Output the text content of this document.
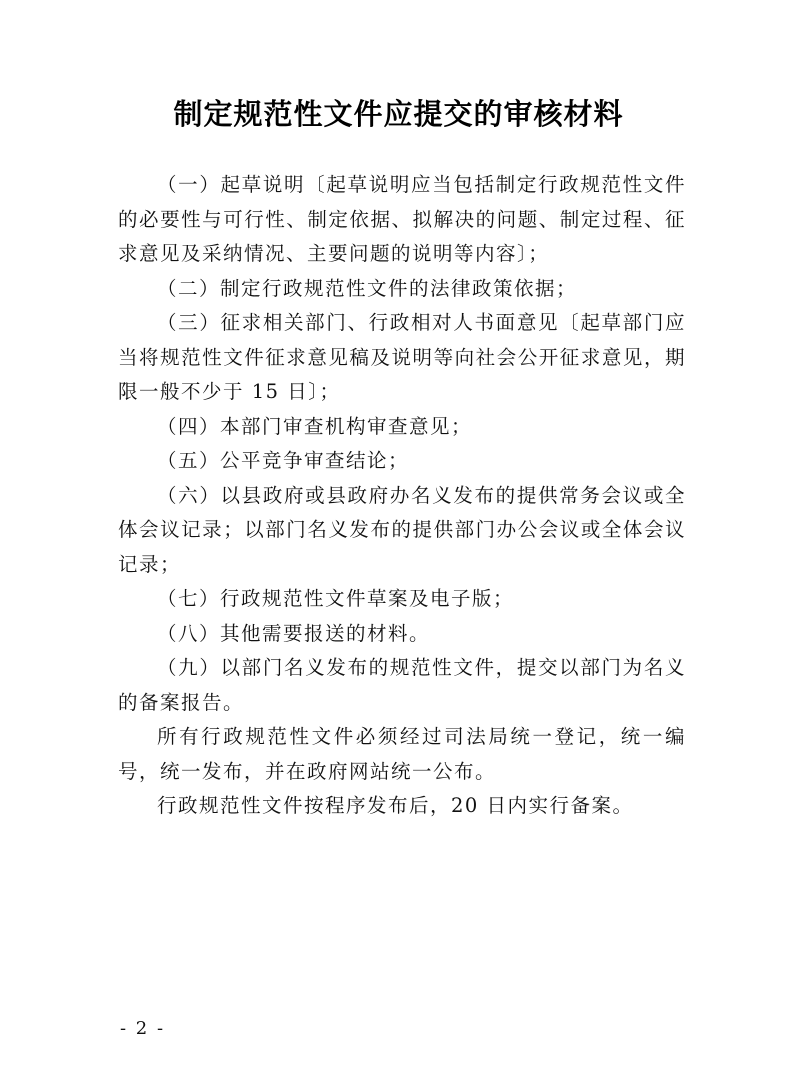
制定规范性文件应提交的审核材料

（一）起草说明〔起草说明应当包括制定行政规范性文件的必要性与可行性、制定依据、拟解决的问题、制定过程、征求意见及采纳情况、主要问题的说明等内容〕；

（二）制定行政规范性文件的法律政策依据；

（三）征求相关部门、行政相对人书面意见〔起草部门应当将规范性文件征求意见稿及说明等向社会公开征求意见，期限一般不少于 15 日〕；

（四）本部门审查机构审查意见；

（五）公平竞争审查结论；

（六）以县政府或县政府办名义发布的提供常务会议或全体会议记录；以部门名义发布的提供部门办公会议或全体会议记录；

（七）行政规范性文件草案及电子版；

（八）其他需要报送的材料。

（九）以部门名义发布的规范性文件，提交以部门为名义的备案报告。

所有行政规范性文件必须经过司法局统一登记，统一编号，统一发布，并在政府网站统一公布。

行政规范性文件按程序发布后，20 日内实行备案。

- 2 -
